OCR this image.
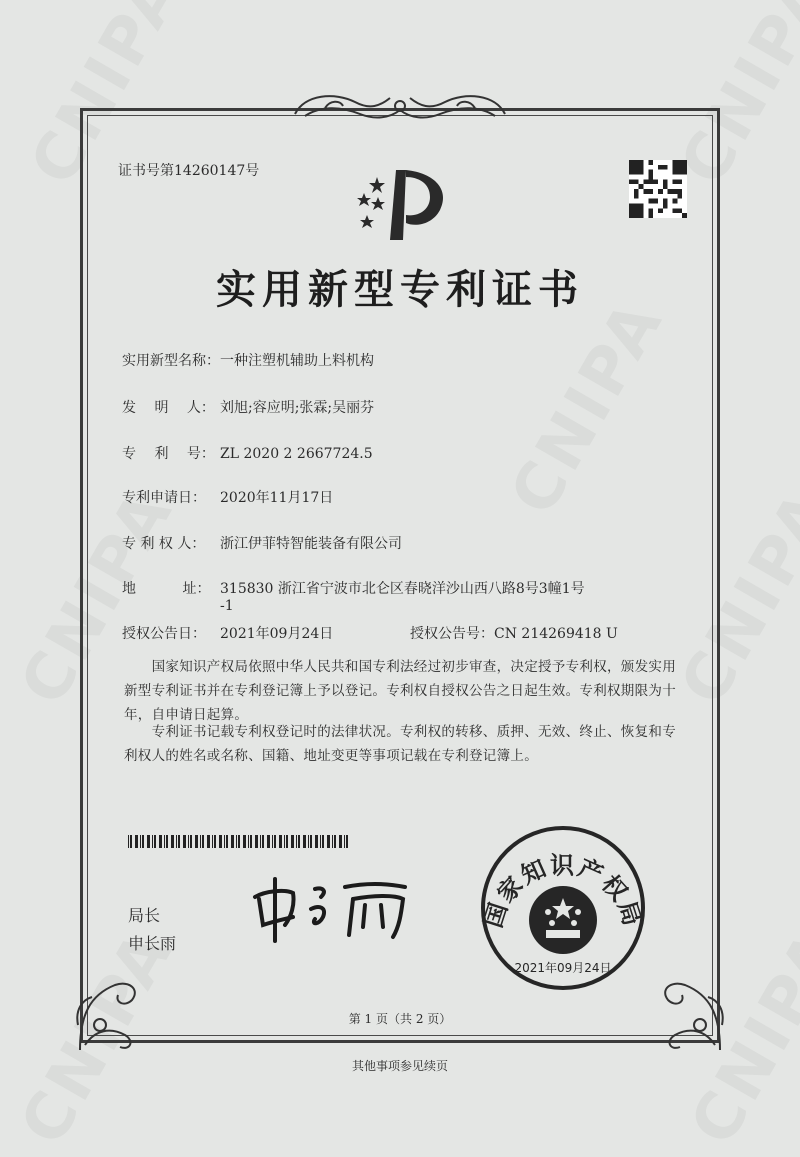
证书号第14260147号
实用新型专利证书
实用新型名称：一种注塑机辅助上料机构
发　 明　 人： 刘旭;容应明;张霖;吴丽芬
专　 利　 号： ZL 2020 2 2667724.5
专利申请日： 2020年11月17日
专 利 权 人： 浙江伊菲特智能装备有限公司
地　　　 址： 315830 浙江省宁波市北仑区春晓洋沙山西八路8号3幢1号
-1
授权公告日： 2021年09月24日	授权公告号：CN 214269418 U
　　国家知识产权局依照中华人民共和国专利法经过初步审查，决定授予专利权，颁发实用新型专利证书并在专利登记簿上予以登记。专利权自授权公告之日起生效。专利权期限为十年，自申请日起算。
　　专利证书记载专利权登记时的法律状况。专利权的转移、质押、无效、终止、恢复和专利权人的姓名或名称、国籍、地址变更等事项记载在专利登记簿上。
局长
申长雨
国家知识产权局
2021年09月24日
第 1 页（共 2 页）
其他事项参见续页
